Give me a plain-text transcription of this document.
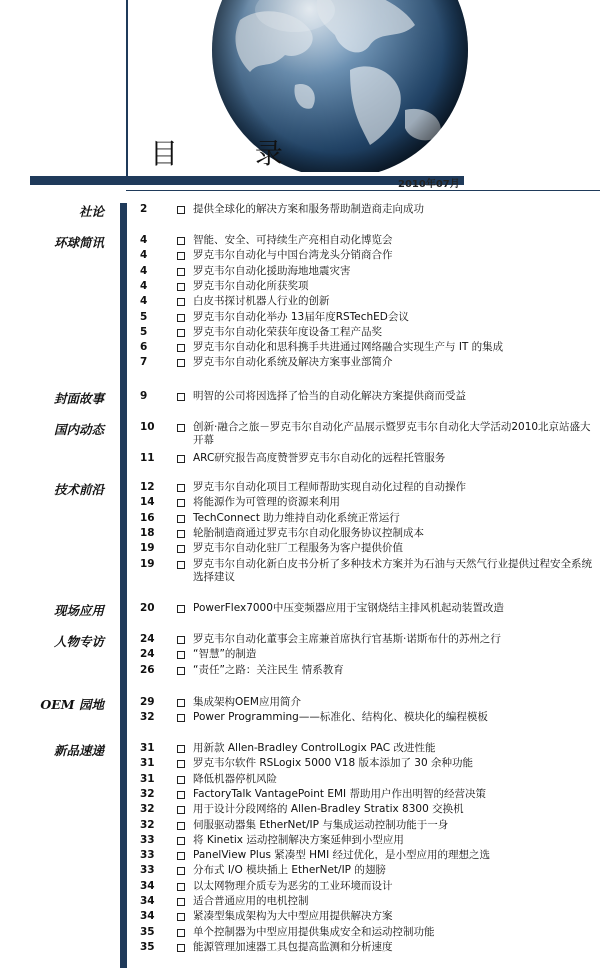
目 录
2010年07月
社论	2	提供全球化的解决方案和服务帮助制造商走向成功
环球简讯	4	智能、安全、可持续生产亮相自动化博览会
4	罗克韦尔自动化与中国台湾龙头分销商合作
4	罗克韦尔自动化援助海地地震灾害
4	罗克韦尔自动化所获奖项
4	白皮书探讨机器人行业的创新
5	罗克韦尔自动化举办 13届年度RSTechED会议
5	罗克韦尔自动化荣获年度设备工程产品奖
6	罗克韦尔自动化和思科携手共进通过网络融合实现生产与 IT 的集成
7	罗克韦尔自动化系统及解决方案事业部简介
封面故事	9	明智的公司将因选择了恰当的自动化解决方案提供商而受益
国内动态	10	创新·融合之旅－罗克韦尔自动化产品展示暨罗克韦尔自动化大学活动2010北京站盛大开幕
11	ARC研究报告高度赞誉罗克韦尔自动化的远程托管服务
技术前沿	12	罗克韦尔自动化项目工程师帮助实现自动化过程的自动操作
14	将能源作为可管理的资源来利用
16	TechConnect 助力维持自动化系统正常运行
18	轮胎制造商通过罗克韦尔自动化服务协议控制成本
19	罗克韦尔自动化驻厂工程服务为客户提供价值
19	罗克韦尔自动化新白皮书分析了多种技术方案并为石油与天然气行业提供过程安全系统选择建议
现场应用	20	PowerFlex7000中压变频器应用于宝钢烧结主排风机起动装置改造
人物专访	24	罗克韦尔自动化董事会主席兼首席执行官基斯·诺斯布什的苏州之行
24	“智慧”的制造
26	“责任”之路：关注民生 情系教育
OEM 园地	29	集成架构OEM应用简介
32	Power Programming——标准化、结构化、模块化的编程模板
新品速递	31	用新款 Allen-Bradley ControlLogix PAC 改进性能
31	罗克韦尔软件 RSLogix 5000 V18 版本添加了 30 余种功能
31	降低机器停机风险
32	FactoryTalk VantagePoint EMI 帮助用户作出明智的经营决策
32	用于设计分段网络的 Allen-Bradley Stratix 8300 交换机
32	伺服驱动器集 EtherNet/IP 与集成运动控制功能于一身
33	将 Kinetix 运动控制解决方案延伸到小型应用
33	PanelView Plus 紧凑型 HMI 经过优化，是小型应用的理想之选
33	分布式 I/O 模块插上 EtherNet/IP 的翅膀
34	以太网物理介质专为恶劣的工业环境而设计
34	适合普通应用的电机控制
34	紧凑型集成架构为大中型应用提供解决方案
35	单个控制器为中型应用提供集成安全和运动控制功能
35	能源管理加速器工具包提高监测和分析速度
